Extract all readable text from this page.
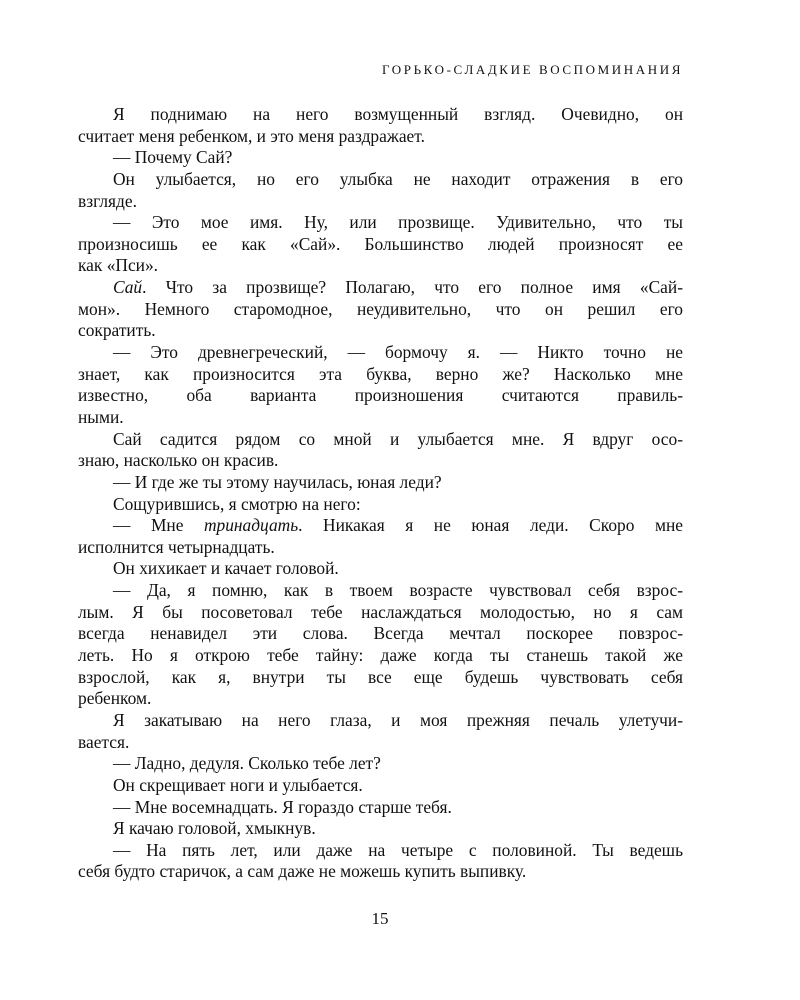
ГОРЬКО-СЛАДКИЕ ВОСПОМИНАНИЯ
Я поднимаю на него возмущенный взгляд. Очевидно, он
считает меня ребенком, и это меня раздражает.
— Почему Сай?
Он улыбается, но его улыбка не находит отражения в его
взгляде.
— Это мое имя. Ну, или прозвище. Удивительно, что ты
произносишь ее как «Сай». Большинство людей произносят ее
как «Пси».
Сай. Что за прозвище? Полагаю, что его полное имя «Сай-
мон». Немного старомодное, неудивительно, что он решил его
сократить.
— Это древнегреческий, — бормочу я. — Никто точно не
знает, как произносится эта буква, верно же? Насколько мне
известно, оба варианта произношения считаются правиль-
ными.
Сай садится рядом со мной и улыбается мне. Я вдруг осо-
знаю, насколько он красив.
— И где же ты этому научилась, юная леди?
Сощурившись, я смотрю на него:
— Мне тринадцать. Никакая я не юная леди. Скоро мне
исполнится четырнадцать.
Он хихикает и качает головой.
— Да, я помню, как в твоем возрасте чувствовал себя взрос-
лым. Я бы посоветовал тебе наслаждаться молодостью, но я сам
всегда ненавидел эти слова. Всегда мечтал поскорее повзрос-
леть. Но я открою тебе тайну: даже когда ты станешь такой же
взрослой, как я, внутри ты все еще будешь чувствовать себя
ребенком.
Я закатываю на него глаза, и моя прежняя печаль улетучи-
вается.
— Ладно, дедуля. Сколько тебе лет?
Он скрещивает ноги и улыбается.
— Мне восемнадцать. Я гораздо старше тебя.
Я качаю головой, хмыкнув.
— На пять лет, или даже на четыре с половиной. Ты ведешь
себя будто старичок, а сам даже не можешь купить выпивку.
15
